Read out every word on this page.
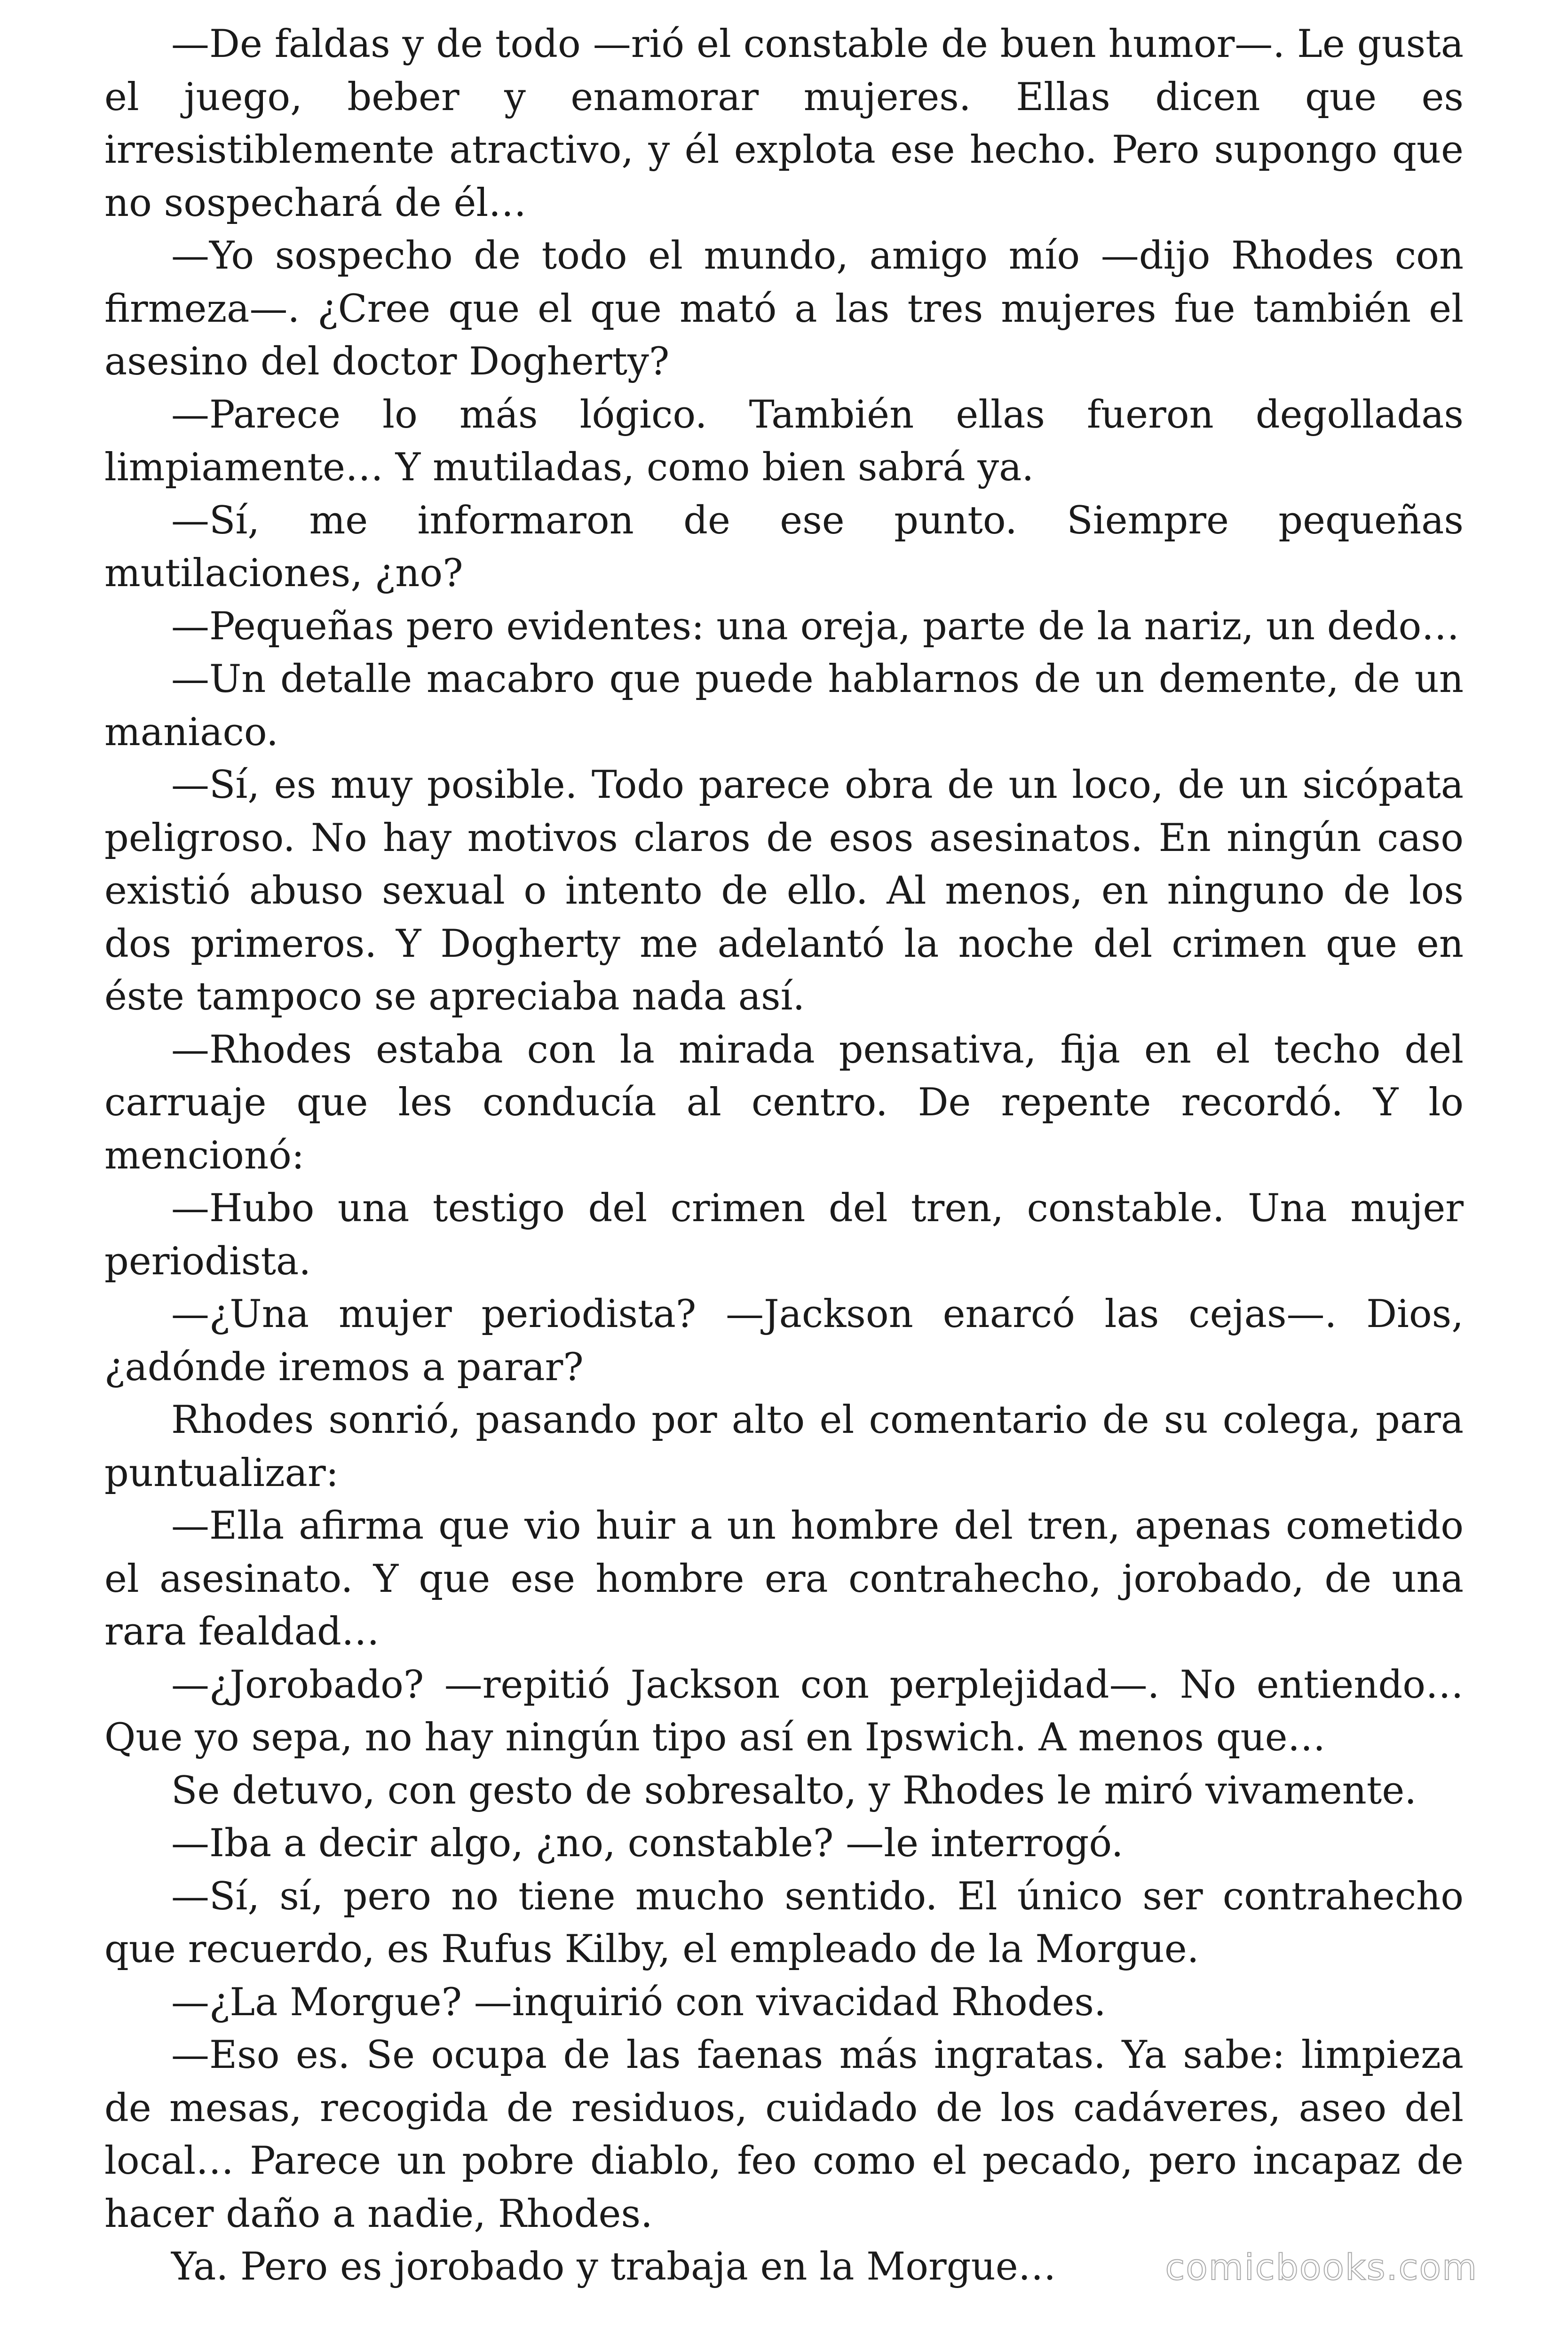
—De faldas y de todo —rió el constable de buen humor—. Le gusta el juego, beber y enamorar mujeres. Ellas dicen que es irresistiblemente atractivo, y él explota ese hecho. Pero supongo que no sospechará de él…

—Yo sospecho de todo el mundo, amigo mío —dijo Rhodes con firmeza—. ¿Cree que el que mató a las tres mujeres fue también el asesino del doctor Dogherty?

—Parece lo más lógico. También ellas fueron degolladas limpiamente… Y mutiladas, como bien sabrá ya.

—Sí, me informaron de ese punto. Siempre pequeñas mutilaciones, ¿no?

—Pequeñas pero evidentes: una oreja, parte de la nariz, un dedo…

—Un detalle macabro que puede hablarnos de un demente, de un maniaco.

—Sí, es muy posible. Todo parece obra de un loco, de un sicópata peligroso. No hay motivos claros de esos asesinatos. En ningún caso existió abuso sexual o intento de ello. Al menos, en ninguno de los dos primeros. Y Dogherty me adelantó la noche del crimen que en éste tampoco se apreciaba nada así.

—Rhodes estaba con la mirada pensativa, fija en el techo del carruaje que les conducía al centro. De repente recordó. Y lo mencionó:

—Hubo una testigo del crimen del tren, constable. Una mujer periodista.

—¿Una mujer periodista? —Jackson enarcó las cejas—. Dios, ¿adónde iremos a parar?

Rhodes sonrió, pasando por alto el comentario de su colega, para puntualizar:

—Ella afirma que vio huir a un hombre del tren, apenas cometido el asesinato. Y que ese hombre era contrahecho, jorobado, de una rara fealdad…

—¿Jorobado? —repitió Jackson con perplejidad—. No entiendo… Que yo sepa, no hay ningún tipo así en Ipswich. A menos que…

Se detuvo, con gesto de sobresalto, y Rhodes le miró vivamente.

—Iba a decir algo, ¿no, constable? —le interrogó.

—Sí, sí, pero no tiene mucho sentido. El único ser contrahecho que recuerdo, es Rufus Kilby, el empleado de la Morgue.

—¿La Morgue? —inquirió con vivacidad Rhodes.

—Eso es. Se ocupa de las faenas más ingratas. Ya sabe: limpieza de mesas, recogida de residuos, cuidado de los cadáveres, aseo del local… Parece un pobre diablo, feo como el pecado, pero incapaz de hacer daño a nadie, Rhodes.

Ya. Pero es jorobado y trabaja en la Morgue…	comicbooks.com
